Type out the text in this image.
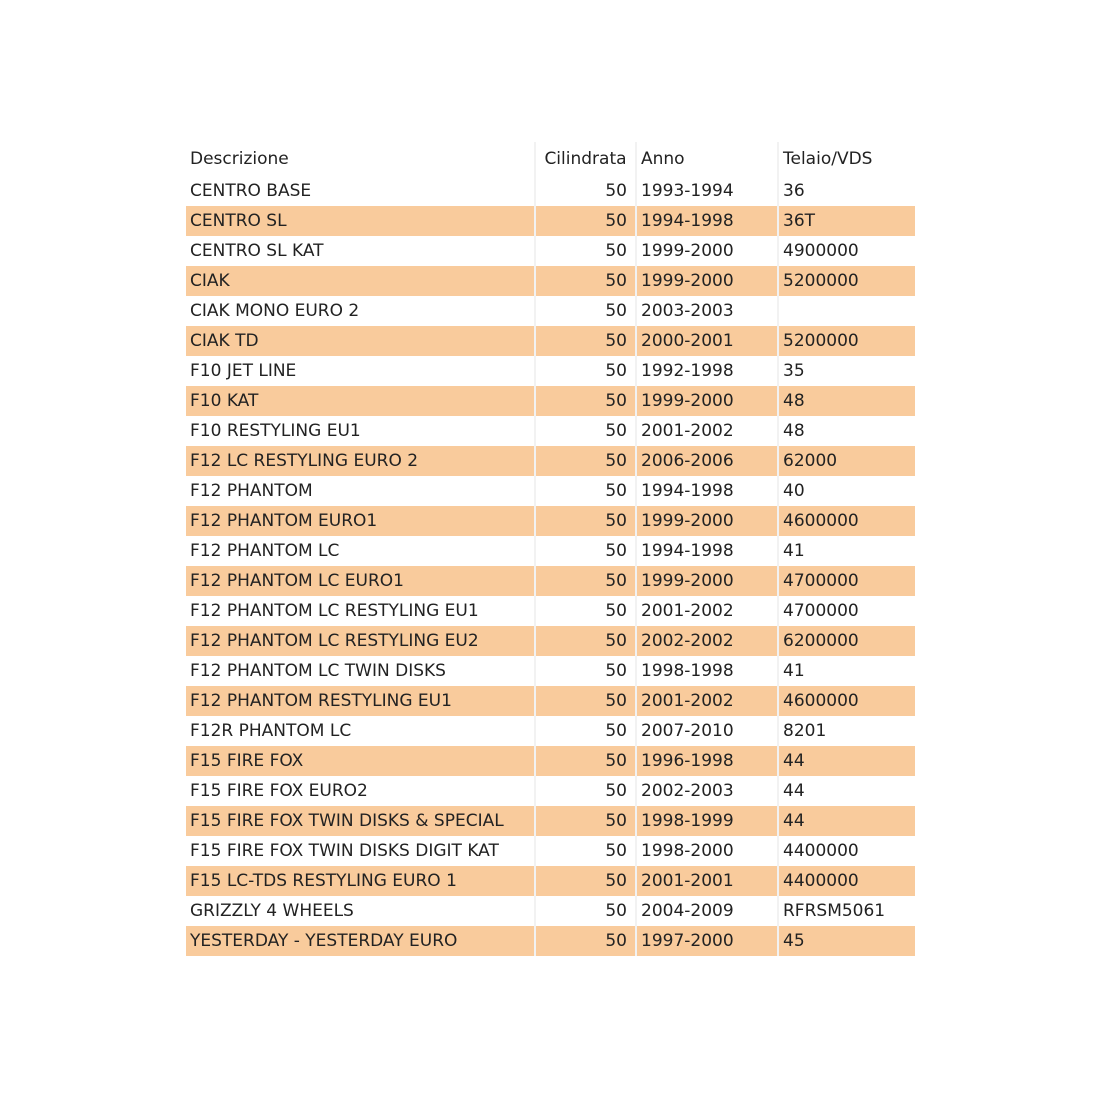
Descrizione	Cilindrata	Anno	Telaio/VDS
CENTRO BASE	50	1993-1994	36
CENTRO SL	50	1994-1998	36T
CENTRO SL KAT	50	1999-2000	4900000
CIAK	50	1999-2000	5200000
CIAK MONO EURO 2	50	2003-2003	
CIAK TD	50	2000-2001	5200000
F10 JET LINE	50	1992-1998	35
F10 KAT	50	1999-2000	48
F10 RESTYLING EU1	50	2001-2002	48
F12 LC RESTYLING EURO 2	50	2006-2006	62000
F12 PHANTOM	50	1994-1998	40
F12 PHANTOM EURO1	50	1999-2000	4600000
F12 PHANTOM LC	50	1994-1998	41
F12 PHANTOM LC EURO1	50	1999-2000	4700000
F12 PHANTOM LC RESTYLING EU1	50	2001-2002	4700000
F12 PHANTOM LC RESTYLING EU2	50	2002-2002	6200000
F12 PHANTOM LC TWIN DISKS	50	1998-1998	41
F12 PHANTOM RESTYLING EU1	50	2001-2002	4600000
F12R PHANTOM LC	50	2007-2010	8201
F15 FIRE FOX	50	1996-1998	44
F15 FIRE FOX EURO2	50	2002-2003	44
F15 FIRE FOX TWIN DISKS & SPECIAL	50	1998-1999	44
F15 FIRE FOX TWIN DISKS DIGIT KAT	50	1998-2000	4400000
F15 LC-TDS RESTYLING EURO 1	50	2001-2001	4400000
GRIZZLY 4 WHEELS	50	2004-2009	RFRSM5061
YESTERDAY - YESTERDAY EURO	50	1997-2000	45
